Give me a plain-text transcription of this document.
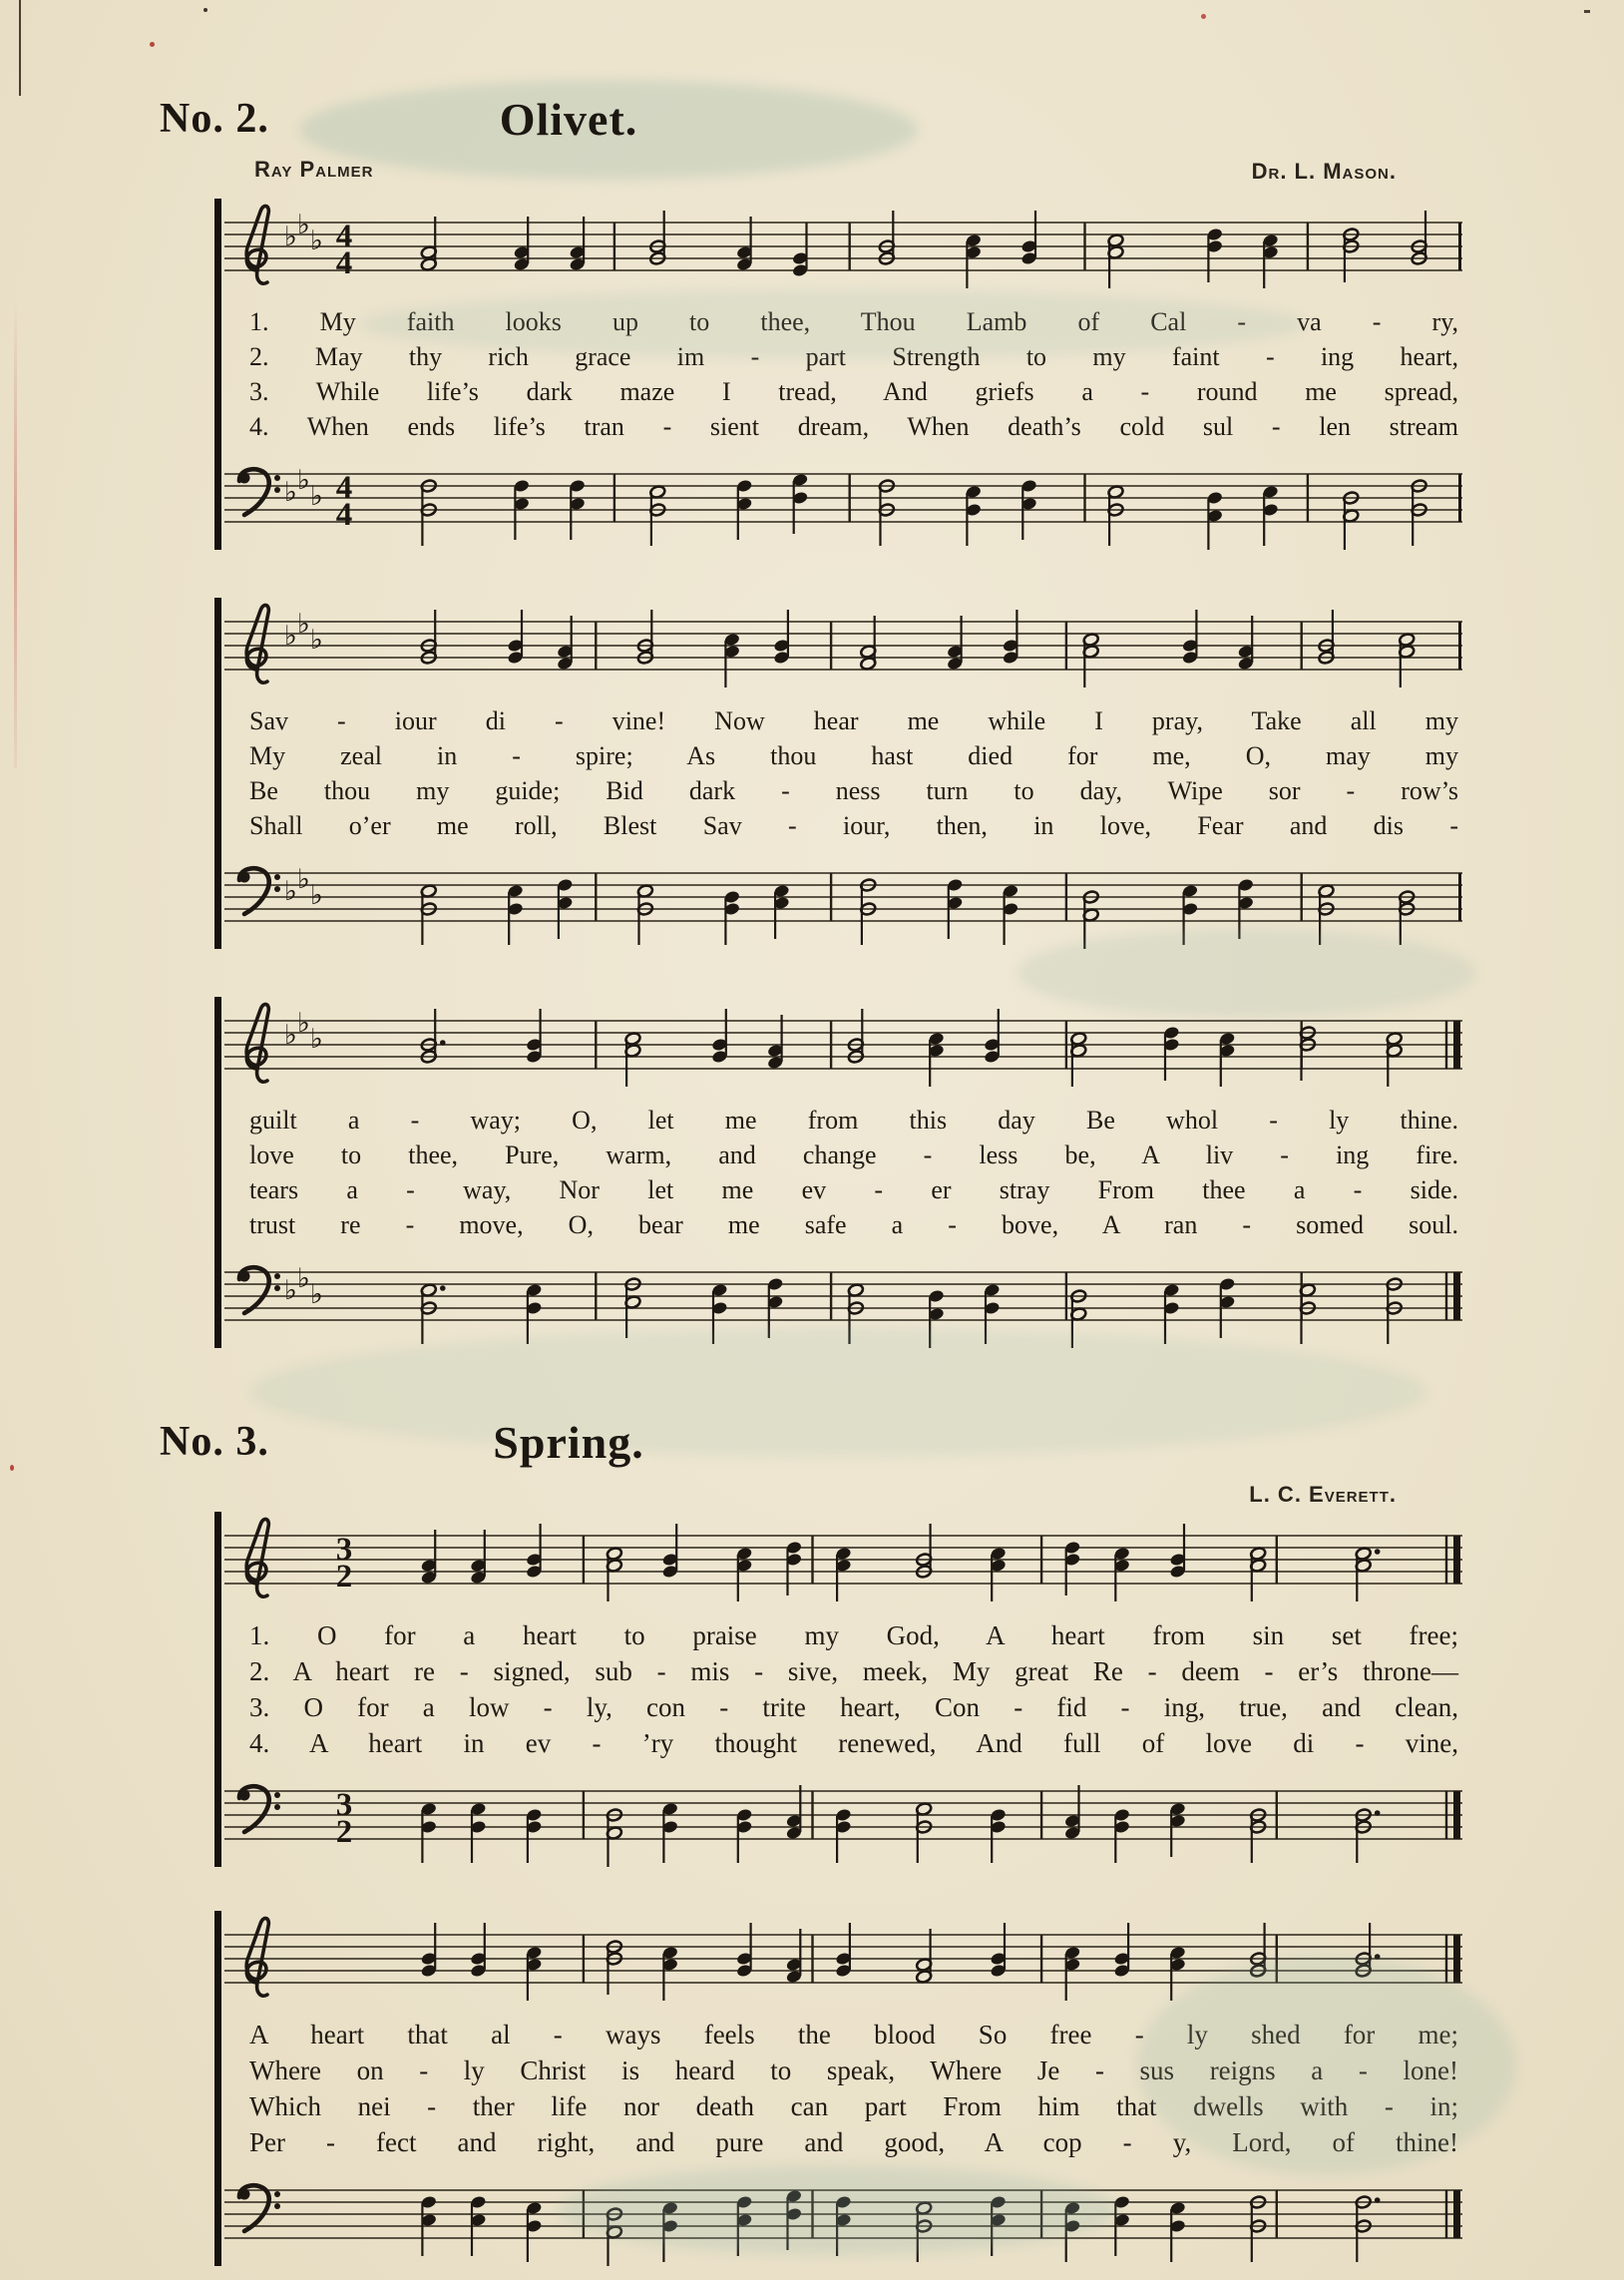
No. 2.	Olivet.
Ray Palmer	Dr. L. Mason.
♭ ♭
♭ 4
4
1. My faith looks up to thee, Thou Lamb of Cal - va - ry,
2. May thy rich grace im - part Strength to my faint - ing heart,
3. While life’s dark maze I tread, And griefs a - round me spread,
4. When ends life’s tran - sient dream, When death’s cold sul - len stream
♭ ♭
♭ 4
4
♭ ♭
♭
Sav - iour di - vine! Now hear me while I pray, Take all my
My zeal in - spire; As thou hast died for me, O, may my
Be thou my guide; Bid dark - ness turn to day, Wipe sor - row’s
Shall o’er me roll, Blest Sav - iour, then, in love, Fear and dis -
♭ ♭
♭
♭ ♭
♭
guilt a - way; O, let me from this day Be whol - ly thine.
love to thee, Pure, warm, and change - less be, A liv - ing fire.
tears a - way, Nor let me ev - er stray From thee a - side.
trust re - move, O, bear me safe a - bove, A ran - somed soul.
♭ ♭
♭
No. 3.	Spring.
L. C. Everett.
3
2
1. O for a heart to praise my God, A heart from sin set free;
2. A heart re - signed, sub - mis - sive, meek, My great Re - deem - er’s throne—
3. O for a low - ly, con - trite heart, Con - fid - ing, true, and clean,
4. A heart in ev - ’ry thought renewed, And full of love di - vine,
3
2
A heart that al - ways feels the blood So free - ly shed for me;
Where on - ly Christ is heard to speak, Where Je - sus reigns a - lone!
Which nei - ther life nor death can part From him that dwells with - in;
Per - fect and right, and pure and good, A cop - y, Lord, of thine!
